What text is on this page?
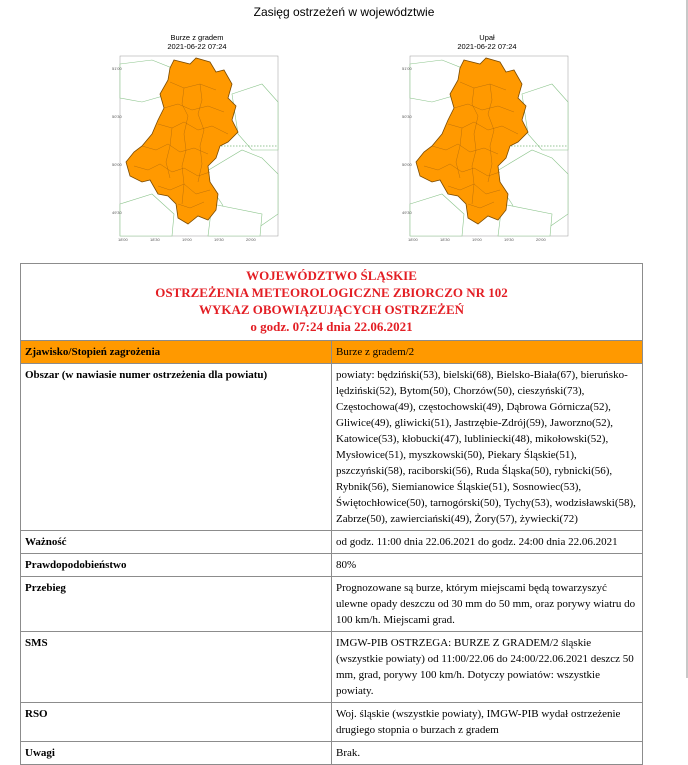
Zasięg ostrzeżeń w województwie
Burze z gradem
2021-06-22 07:24
51'00
50'30
50'00
49'30
18'00	18'30	19'00	19'30	20'00
Upał
2021-06-22 07:24
51'00
50'30
50'00
49'30
18'00	18'30	19'00	19'30	20'00
WOJEWÓDZTWO ŚLĄSKIE
OSTRZEŻENIA METEOROLOGICZNE ZBIORCZO NR 102
WYKAZ OBOWIĄZUJĄCYCH OSTRZEŻEŃ
o godz. 07:24 dnia 22.06.2021	

Zjawisko/Stopień zagrożenia	Burze z gradem/2
Obszar (w nawiasie numer ostrzeżenia dla powiatu)	powiaty: będziński(53), bielski(68), Bielsko-Biała(67), bieruńsko-lędziński(52), Bytom(50), Chorzów(50), cieszyński(73), Częstochowa(49), częstochowski(49), Dąbrowa Górnicza(52), Gliwice(49), gliwicki(51), Jastrzębie-Zdrój(59), Jaworzno(52), Katowice(53), kłobucki(47), lubliniecki(48), mikołowski(52), Mysłowice(51), myszkowski(50), Piekary Śląskie(51), pszczyński(58), raciborski(56), Ruda Śląska(50), rybnicki(56), Rybnik(56), Siemianowice Śląskie(51), Sosnowiec(53), Świętochłowice(50), tarnogórski(50), Tychy(53), wodzisławski(58), Zabrze(50), zawierciański(49), Żory(57), żywiecki(72)
Ważność	od godz. 11:00 dnia 22.06.2021 do godz. 24:00 dnia 22.06.2021
Prawdopodobieństwo	80%
Przebieg	Prognozowane są burze, którym miejscami będą towarzyszyć ulewne opady deszczu od 30 mm do 50 mm, oraz porywy wiatru do 100 km/h. Miejscami grad.
SMS	IMGW-PIB OSTRZEGA: BURZE Z GRADEM/2 śląskie (wszystkie powiaty) od 11:00/22.06 do 24:00/22.06.2021 deszcz 50 mm, grad, porywy 100 km/h. Dotyczy powiatów: wszystkie powiaty.
RSO	Woj. śląskie (wszystkie powiaty), IMGW-PIB wydał ostrzeżenie drugiego stopnia o burzach z gradem
Uwagi	Brak.
